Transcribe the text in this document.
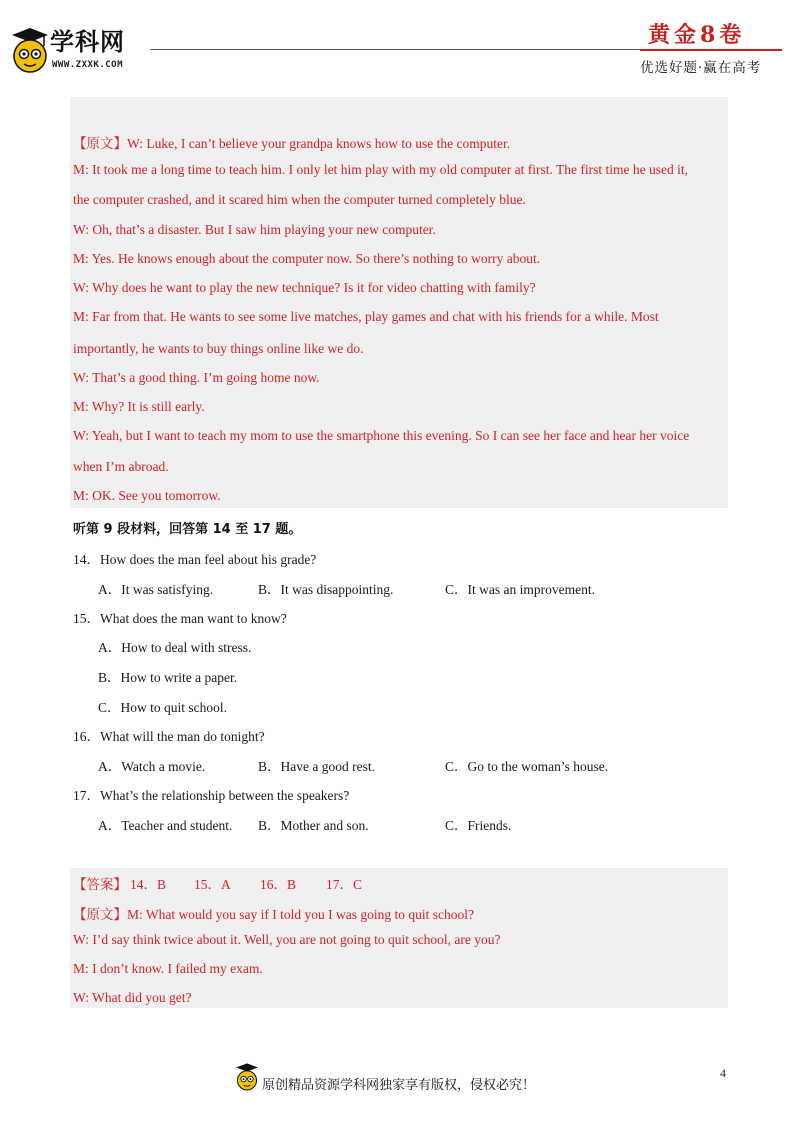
学科网
WWW.ZXXK.COM
黄金8卷
优选好题·赢在高考
【原文】W: Luke, I can’t believe your grandpa knows how to use the computer.
M: It took me a long time to teach him. I only let him play with my old computer at first. The first time he used it,
the computer crashed, and it scared him when the computer turned completely blue.
W: Oh, that’s a disaster. But I saw him playing your new computer.
M: Yes. He knows enough about the computer now. So there’s nothing to worry about.
W: Why does he want to play the new technique? Is it for video chatting with family?
M: Far from that. He wants to see some live matches, play games and chat with his friends for a while. Most
importantly, he wants to buy things online like we do.
W: That’s a good thing. I’m going home now.
M: Why? It is still early.
W: Yeah, but I want to teach my mom to use the smartphone this evening. So I can see her face and hear her voice
when I’m abroad.
M: OK. See you tomorrow.
听第 9 段材料，回答第 14 至 17 题。
14．How does the man feel about his grade?
A．It was satisfying.	B．It was disappointing.	C．It was an improvement.
15．What does the man want to know?
A．How to deal with stress.
B．How to write a paper.
C．How to quit school.
16．What will the man do tonight?
A．Watch a movie.	B．Have a good rest.	C．Go to the woman’s house.
17．What’s the relationship between the speakers?
A．Teacher and student. B．Mother and son.	C．Friends.
【答案】 14．B 15．A 16．B 17．C
【原文】M: What would you say if I told you I was going to quit school?
W: I’d say think twice about it. Well, you are not going to quit school, are you?
M: I don’t know. I failed my exam.
W: What did you get?
原创精品资源学科网独家享有版权，侵权必究！
4
